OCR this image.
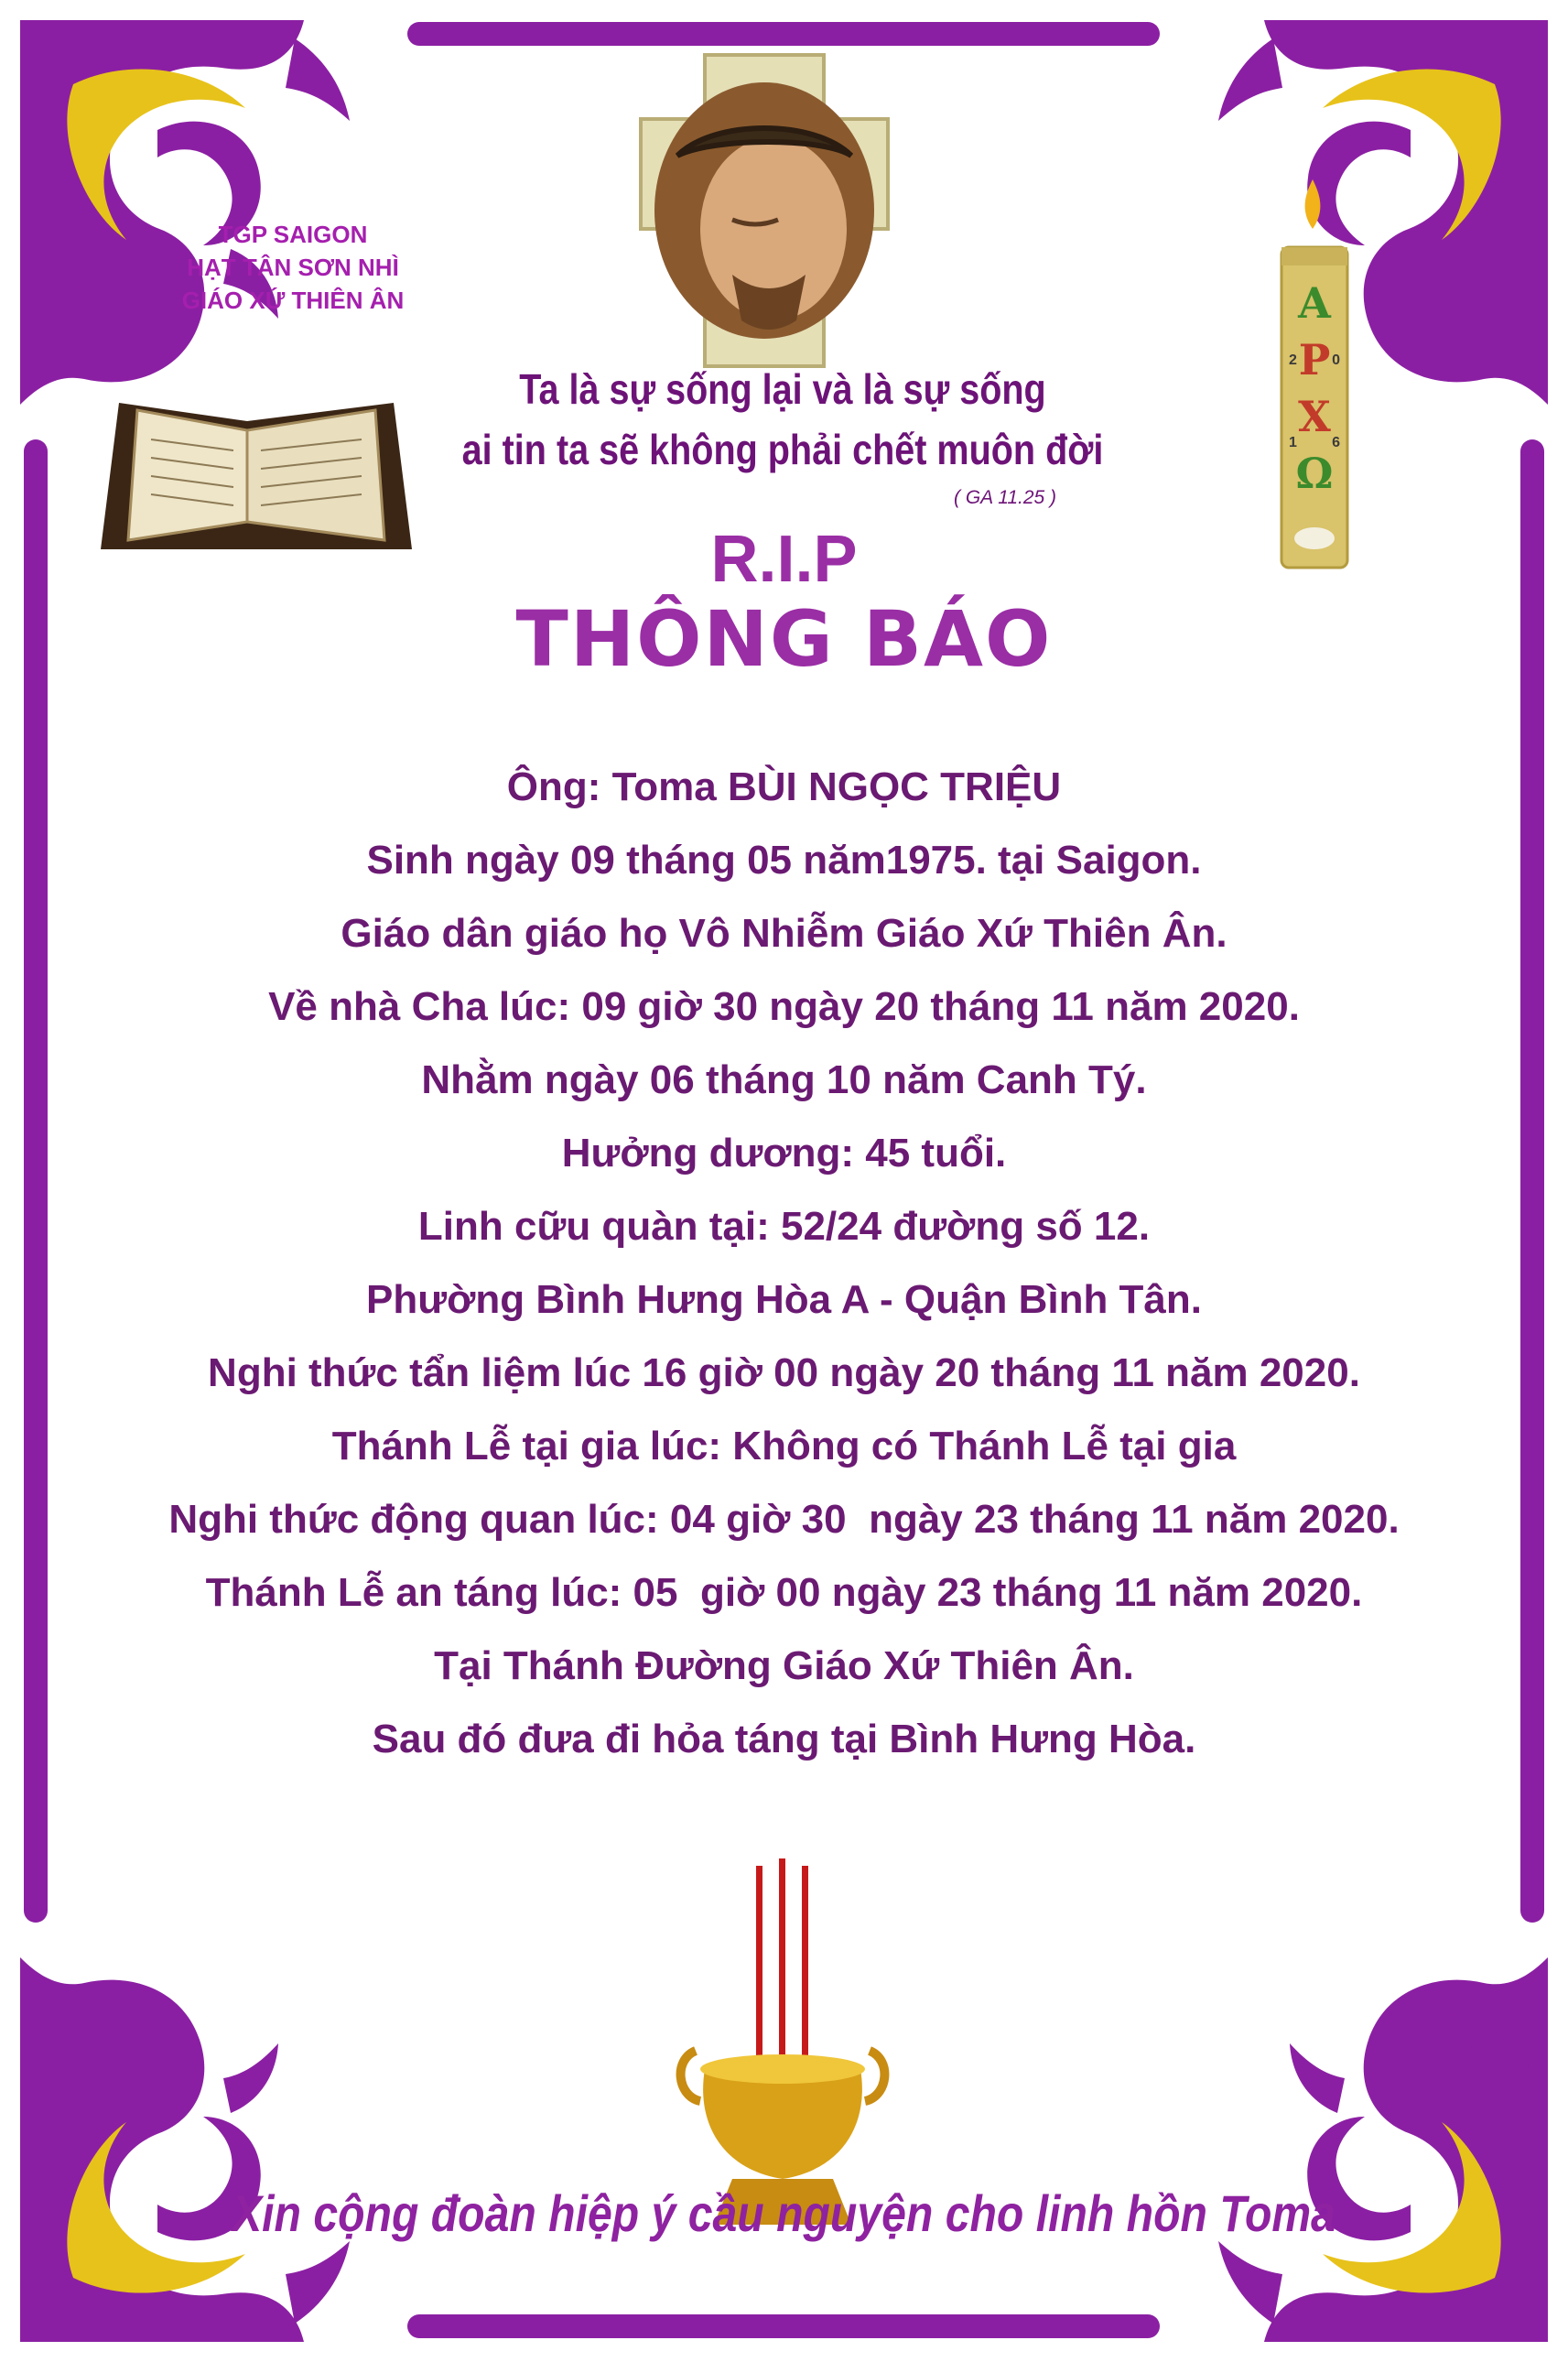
A
P
X
Ω
2 0
1 6
TGP SAIGON
HẠT TÂN SƠN NHÌ
GIÁO XỨ THIÊN ÂN
Ta là sự sống lại và là sự sống
ai tin ta sẽ không phải chết muôn đời
( GA 11.25 )
R.I.P
THÔNG BÁO
Ông: Toma BÙI NGỌC TRIỆU
Sinh ngày 09 tháng 05 năm1975. tại Saigon.
Giáo dân giáo họ Vô Nhiễm Giáo Xứ Thiên Ân.
Về nhà Cha lúc: 09 giờ 30 ngày 20 tháng 11 năm 2020.
Nhằm ngày 06 tháng 10 năm Canh Tý.
Hưởng dương: 45 tuổi.
Linh cữu quàn tại: 52/24 đường số 12.
Phường Bình Hưng Hòa A - Quận Bình Tân.
Nghi thức tẩn liệm lúc 16 giờ 00 ngày 20 tháng 11 năm 2020.
Thánh Lễ tại gia lúc: Không có Thánh Lễ tại gia
Nghi thức động quan lúc: 04 giờ 30  ngày 23 tháng 11 năm 2020.
Thánh Lễ an táng lúc: 05  giờ 00 ngày 23 tháng 11 năm 2020.
Tại Thánh Đường Giáo Xứ Thiên Ân.
Sau đó đưa đi hỏa táng tại Bình Hưng Hòa.
Xin cộng đoàn hiệp ý cầu nguyện cho linh hồn Toma
